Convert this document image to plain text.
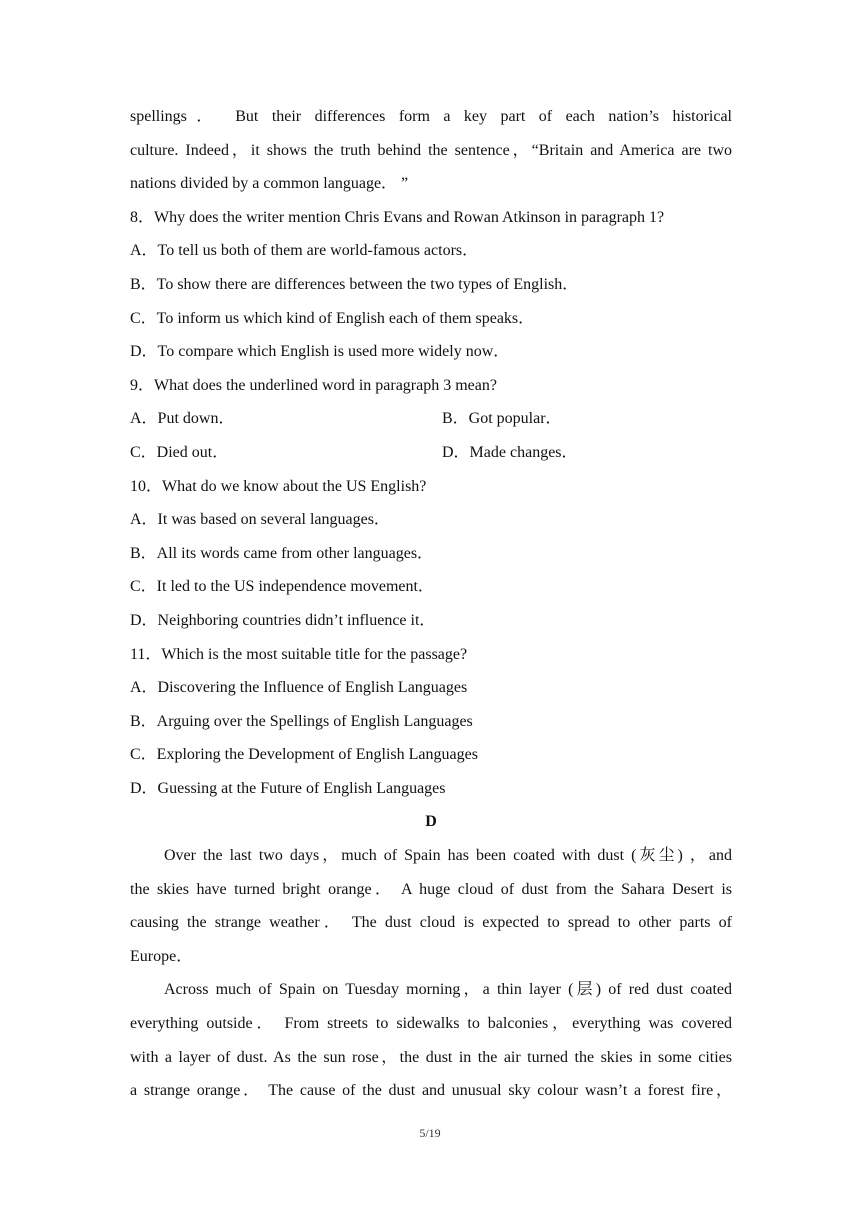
spellings． But their differences form a key part of each nation’s historical
culture. Indeed，it shows the truth behind the sentence，“Britain and America are two
nations divided by a common language． ”
8．Why does the writer mention Chris Evans and Rowan Atkinson in paragraph 1?
A．To tell us both of them are world-famous actors．
B．To show there are differences between the two types of English．
C．To inform us which kind of English each of them speaks．
D．To compare which English is used more widely now．
9．What does the underlined word in paragraph 3 mean?
A．Put down．	B．Got popular．
C．Died out．	D．Made changes．
10．What do we know about the US English?
A．It was based on several languages．
B．All its words came from other languages．
C．It led to the US independence movement．
D．Neighboring countries didn’t influence it．
11．Which is the most suitable title for the passage?
A．Discovering the Influence of English Languages
B．Arguing over the Spellings of English Languages
C．Exploring the Development of English Languages
D．Guessing at the Future of English Languages
D
Over the last two days，much of Spain has been coated with dust (灰尘) ，and
the skies have turned bright orange． A huge cloud of dust from the Sahara Desert is
causing the strange weather． The dust cloud is expected to spread to other parts of
Europe．
Across much of Spain on Tuesday morning，a thin layer (层) of red dust coated
everything outside． From streets to sidewalks to balconies，everything was covered
with a layer of dust. As the sun rose，the dust in the air turned the skies in some cities
a strange orange． The cause of the dust and unusual sky colour wasn’t a forest fire，
5/19
